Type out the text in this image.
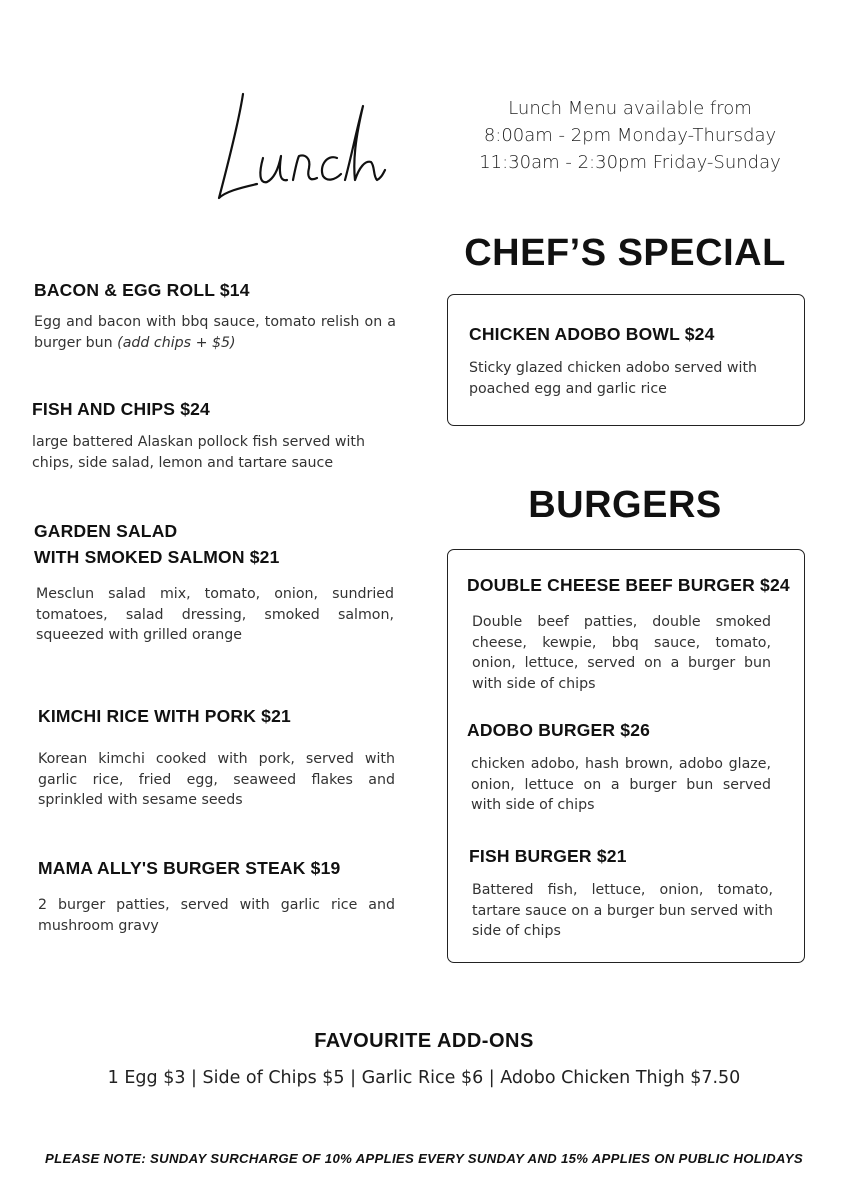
Lunch Menu available from
8:00am - 2pm Monday-Thursday
11:30am - 2:30pm Friday-Sunday
BACON & EGG ROLL $14
Egg and bacon with bbq sauce, tomato relish on a burger bun (add chips + $5)
FISH AND CHIPS $24
large battered Alaskan pollock fish served with chips, side salad, lemon and tartare sauce
GARDEN SALAD
WITH SMOKED SALMON $21
Mesclun salad mix, tomato, onion, sundried tomatoes, salad dressing, smoked salmon, squeezed with grilled orange
KIMCHI RICE WITH PORK $21
Korean kimchi cooked with pork, served with garlic rice, fried egg, seaweed flakes and sprinkled with sesame seeds
MAMA ALLY'S BURGER STEAK $19
2 burger patties, served with garlic rice and mushroom gravy
CHEF’S SPECIAL
CHICKEN ADOBO BOWL $24
Sticky glazed chicken adobo served with poached egg and garlic rice
BURGERS
DOUBLE CHEESE BEEF BURGER $24
Double beef patties, double smoked cheese, kewpie, bbq sauce, tomato, onion, lettuce, served on a burger bun with side of chips
ADOBO BURGER $26
chicken adobo, hash brown, adobo glaze, onion, lettuce on a burger bun served with side of chips
FISH BURGER $21
Battered fish, lettuce, onion, tomato, tartare sauce on a burger bun served with side of chips
FAVOURITE ADD-ONS
1 Egg $3 | Side of Chips $5 | Garlic Rice $6 | Adobo Chicken Thigh $7.50
PLEASE NOTE: SUNDAY SURCHARGE OF 10% APPLIES EVERY SUNDAY AND 15% APPLIES ON PUBLIC HOLIDAYS
